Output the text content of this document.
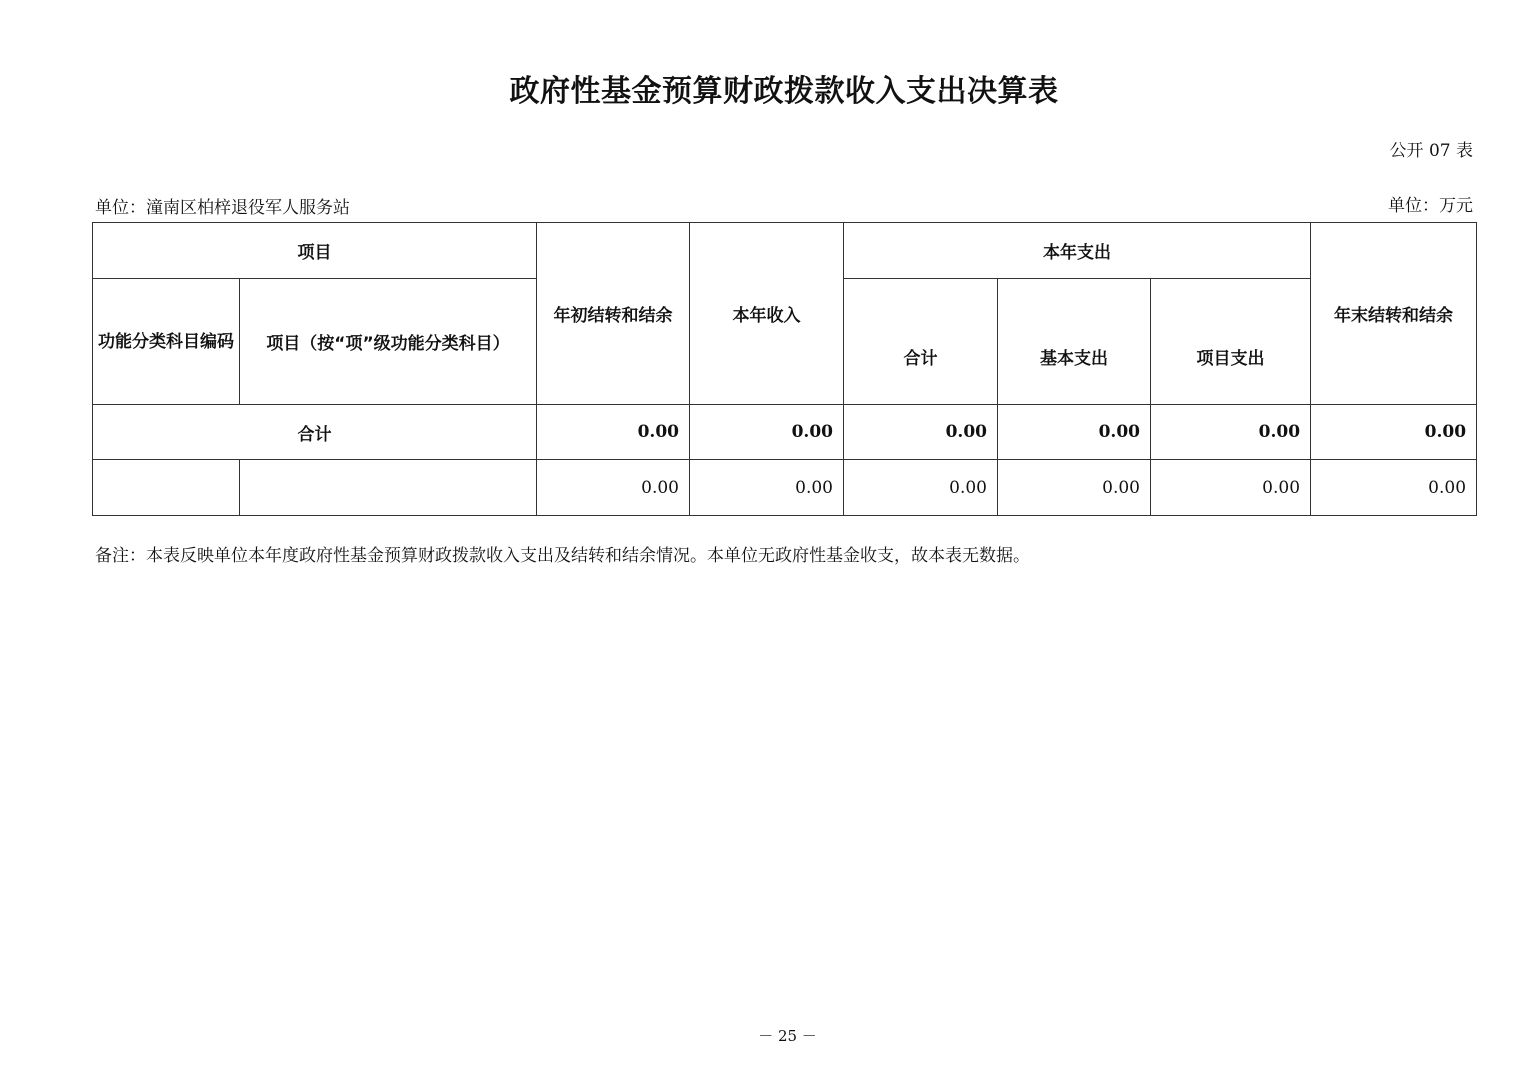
政府性基金预算财政拨款收入支出决算表
公开 07 表
单位：潼南区柏梓退役军人服务站	单位：万元
项目		年初结转和结余	本年收入	本年支出			年末结转和结余
功能分类科目编码	项目（按“项”级功能分类科目）			合计	基本支出	项目支出	
合计		0.00	0.00	0.00	0.00	0.00	0.00
		0.00	0.00	0.00	0.00	0.00	0.00
备注：本表反映单位本年度政府性基金预算财政拨款收入支出及结转和结余情况。本单位无政府性基金收支，故本表无数据。
－ 25 －
